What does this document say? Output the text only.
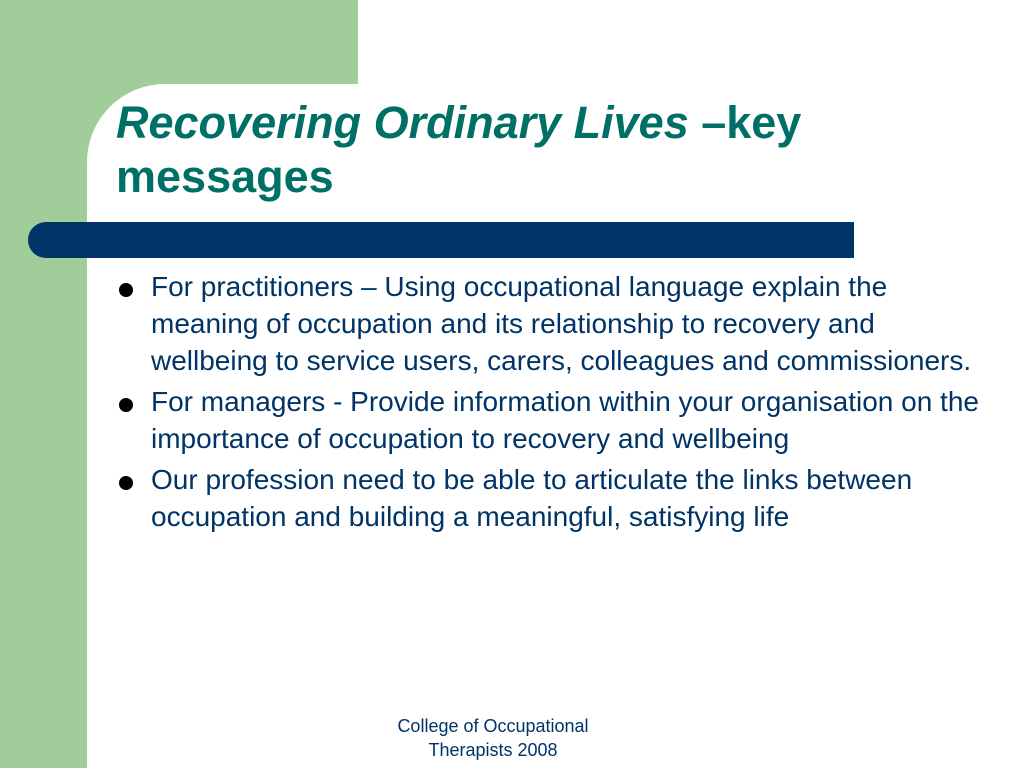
Recovering Ordinary Lives –key messages
For practitioners – Using occupational language explain the meaning of occupation and its relationship to recovery and wellbeing to service users, carers, colleagues and commissioners.
For managers - Provide information within your organisation on the importance of occupation to recovery and wellbeing
Our profession need to be able to articulate the links between occupation and building a meaningful, satisfying life
College of Occupational
Therapists 2008
